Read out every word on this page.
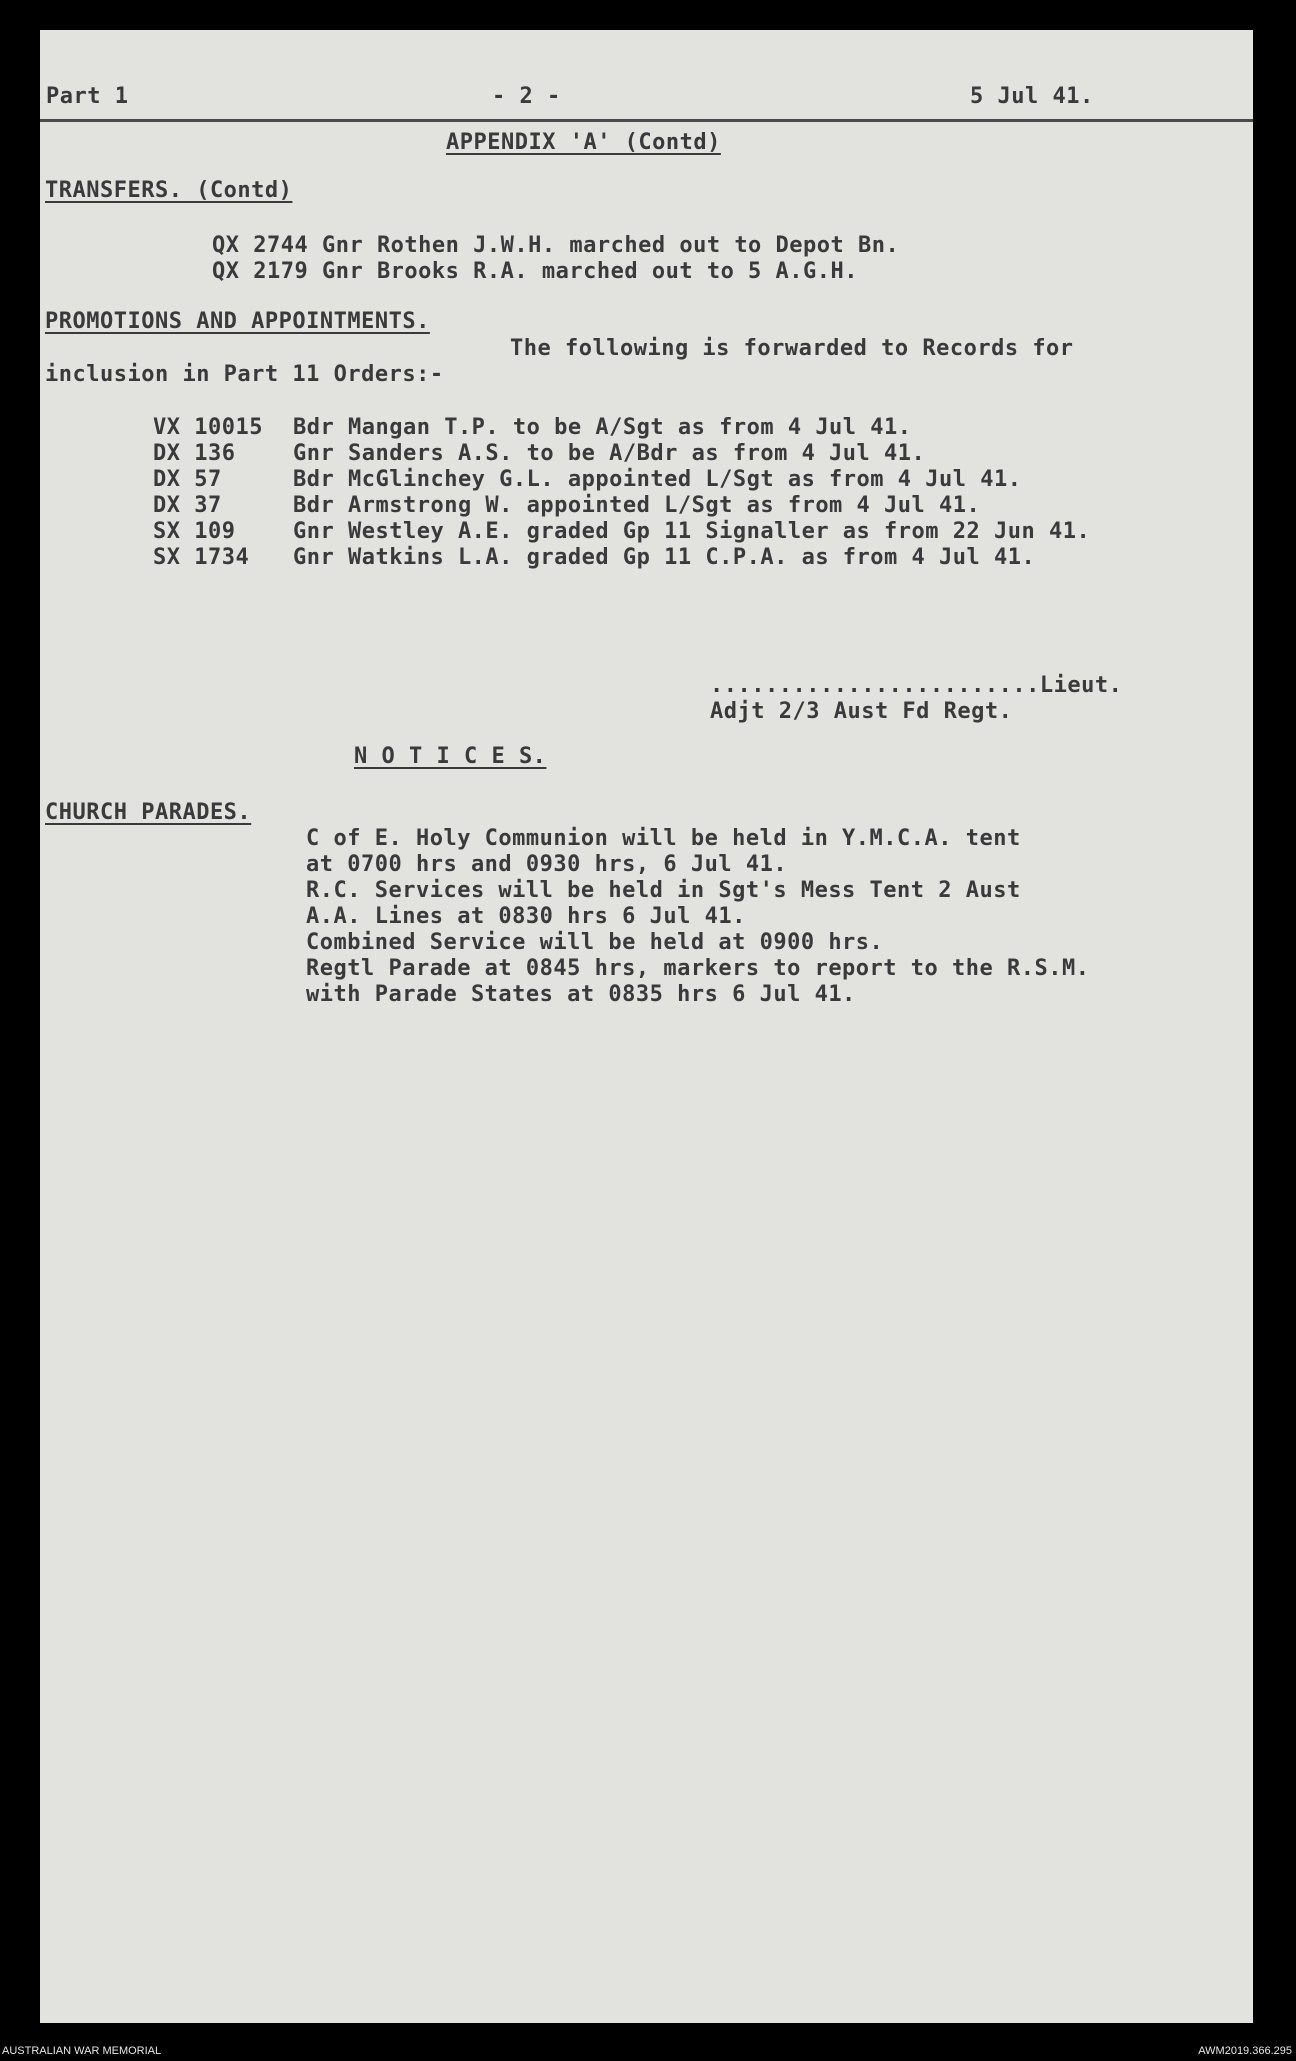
Part 1	- 2 -	5 Jul 41.
APPENDIX 'A' (Contd)
TRANSFERS. (Contd)
QX 2744 Gnr Rothen J.W.H. marched out to Depot Bn.
QX 2179 Gnr Brooks R.A. marched out to 5 A.G.H.
PROMOTIONS AND APPOINTMENTS.
The following is forwarded to Records for
inclusion in Part 11 Orders:-
VX 10015 Bdr Mangan T.P. to be A/Sgt as from 4 Jul 41.
DX 136	Gnr Sanders A.S. to be A/Bdr as from 4 Jul 41.
DX 57	Bdr McGlinchey G.L. appointed L/Sgt as from 4 Jul 41.
DX 37	Bdr Armstrong W. appointed L/Sgt as from 4 Jul 41.
SX 109	Gnr Westley A.E. graded Gp 11 Signaller as from 22 Jun 41.
SX 1734 Gnr Watkins L.A. graded Gp 11 C.P.A. as from 4 Jul 41.
........................Lieut.
Adjt 2/3 Aust Fd Regt.
N O T I C E S.
CHURCH PARADES.
C of E. Holy Communion will be held in Y.M.C.A. tent
at 0700 hrs and 0930 hrs, 6 Jul 41.
R.C. Services will be held in Sgt's Mess Tent 2 Aust
A.A. Lines at 0830 hrs 6 Jul 41.
Combined Service will be held at 0900 hrs.
Regtl Parade at 0845 hrs, markers to report to the R.S.M.
with Parade States at 0835 hrs 6 Jul 41.
AUSTRALIAN WAR MEMORIAL	AWM2019.366.295
